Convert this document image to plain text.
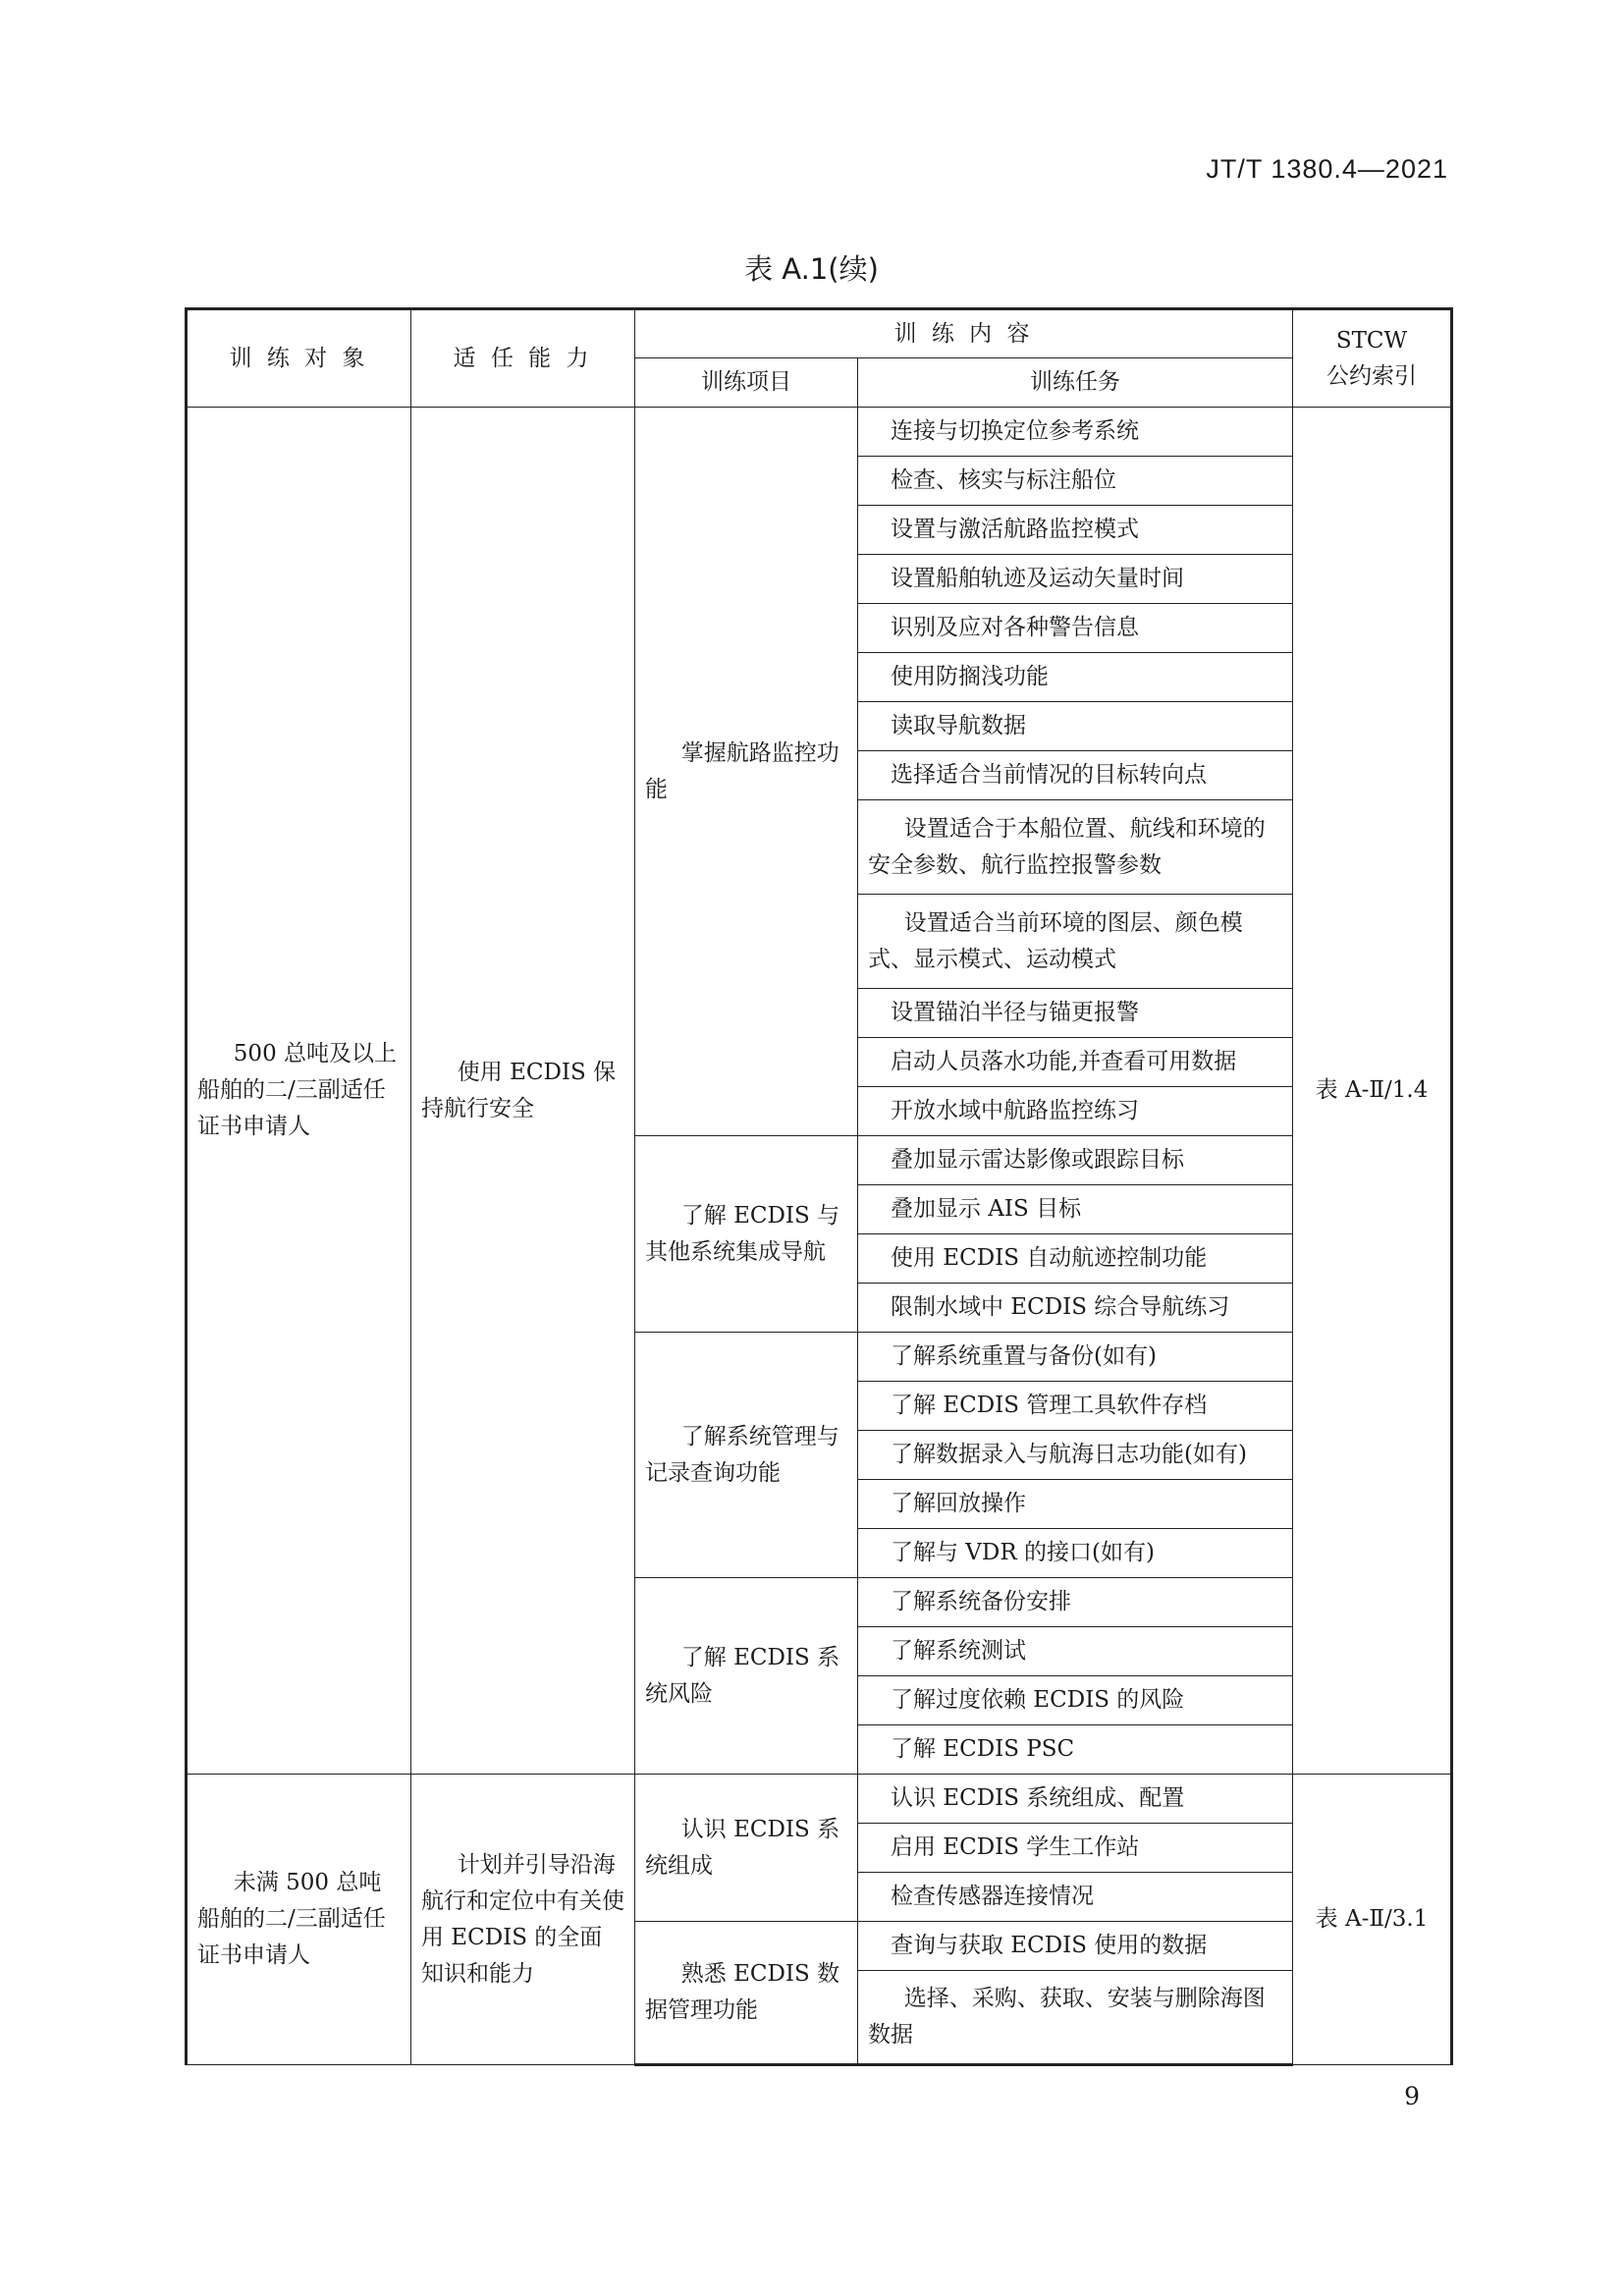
JT/T 1380.4—2021
表 A.1(续)
训 练 对 象	适 任 能 力	训 练 内 容		STCW
公约索引

		训练项目	训练任务	

500 总吨及以上船舶的二/三副适任证书申请人	使用 ECDIS 保持航行安全	掌握航路监控功能	连接与切换定位参考系统	表 A-Ⅱ/1.4
			检查、核实与标注船位	
			设置与激活航路监控模式	
			设置船舶轨迹及运动矢量时间	
			识别及应对各种警告信息	
			使用防搁浅功能	
			读取导航数据	
			选择适合当前情况的目标转向点	

			设置适合于本船位置、航线和环境的安全参数、航行监控报警参数	

			设置适合当前环境的图层、颜色模式、显示模式、运动模式	

			设置锚泊半径与锚更报警	
			启动人员落水功能,并查看可用数据	
			开放水域中航路监控练习	

		了解 ECDIS 与其他系统集成导航	叠加显示雷达影像或跟踪目标	
			叠加显示 AIS 目标	
			使用 ECDIS 自动航迹控制功能	
			限制水域中 ECDIS 综合导航练习	

		了解系统管理与记录查询功能	了解系统重置与备份(如有)	
			了解 ECDIS 管理工具软件存档	
			了解数据录入与航海日志功能(如有)	
			了解回放操作	
			了解与 VDR 的接口(如有)	

		了解 ECDIS 系统风险	了解系统备份安排	
			了解系统测试	
			了解过度依赖 ECDIS 的风险	
			了解 ECDIS PSC	

未满 500 总吨船舶的二/三副适任证书申请人	计划并引导沿海航行和定位中有关使用 ECDIS 的全面知识和能力	认识 ECDIS 系统组成	认识 ECDIS 系统组成、配置	表 A-Ⅱ/3.1
			启用 ECDIS 学生工作站	
			检查传感器连接情况	

		熟悉 ECDIS 数据管理功能	查询与获取 ECDIS 使用的数据	

			选择、采购、获取、安装与删除海图数据	
9
